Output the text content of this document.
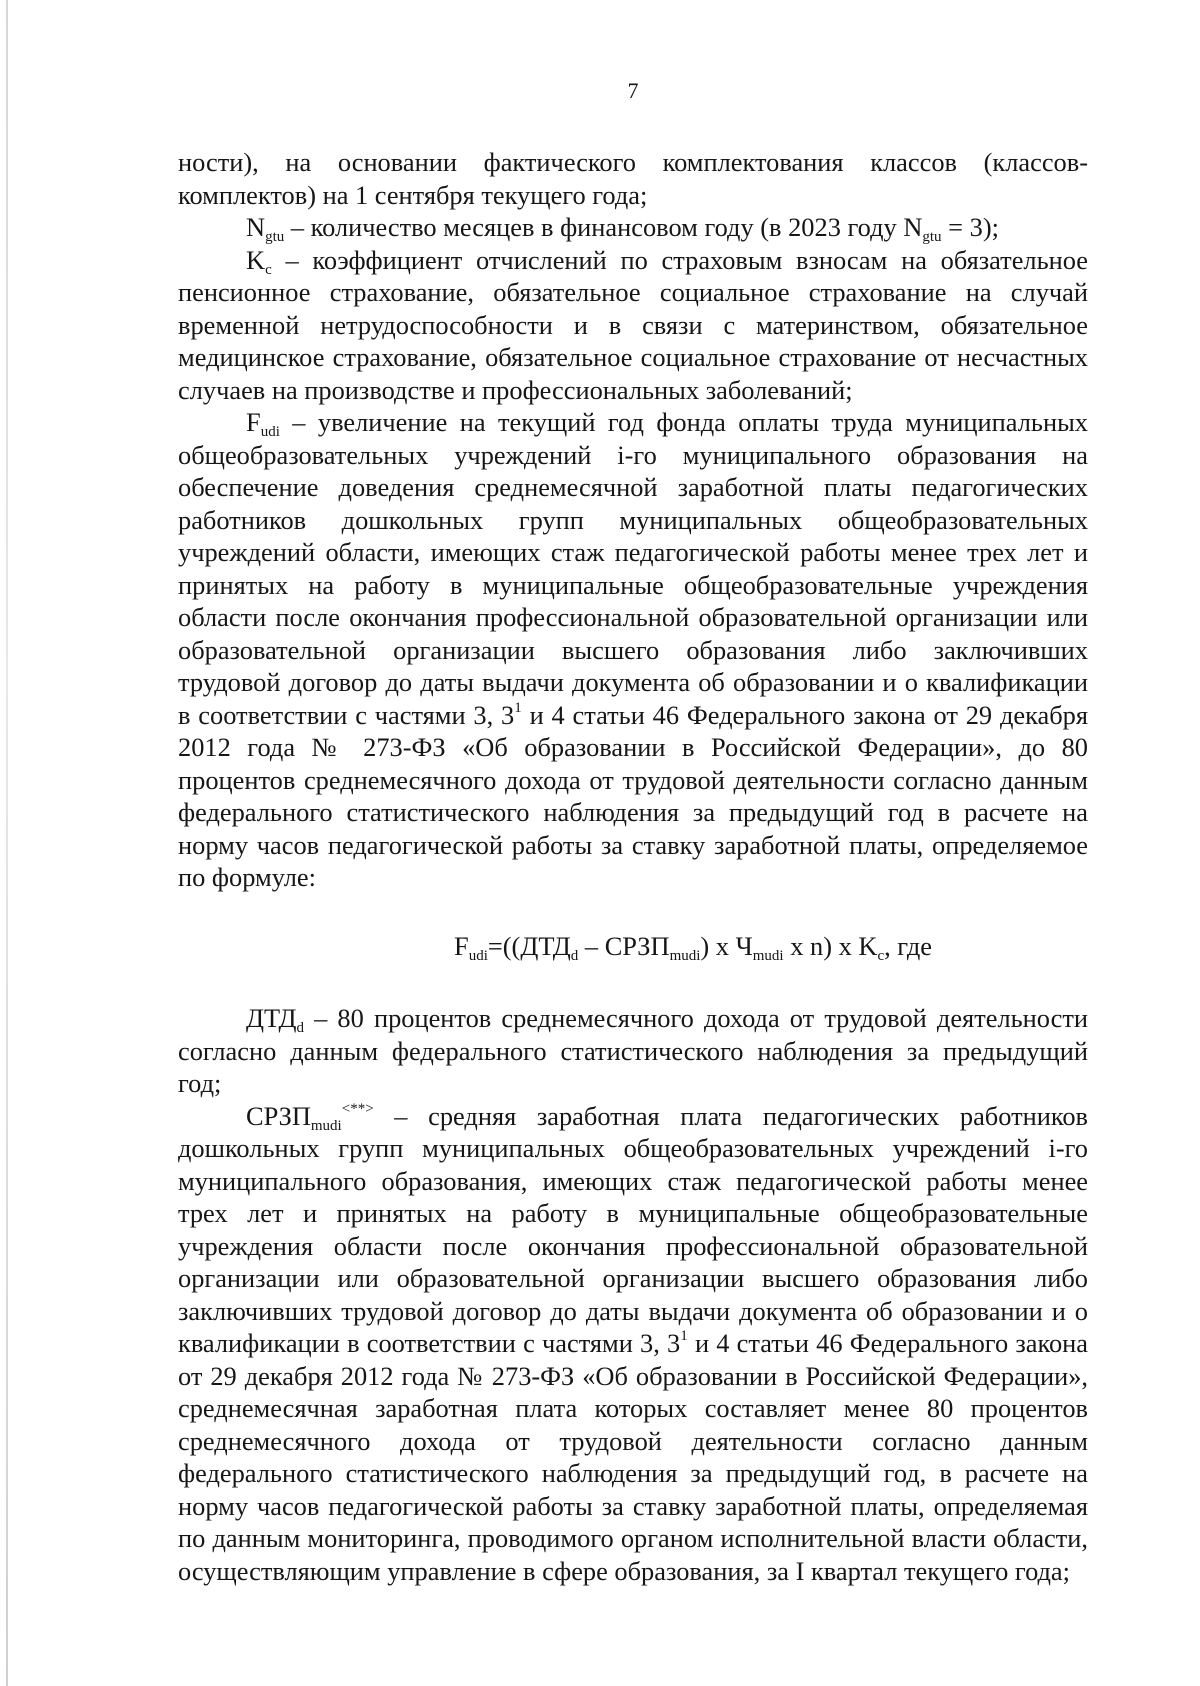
7

ности), на основании фактического комплектования классов (классов-комплектов) на 1 сентября текущего года;

$N_{gtu}$ – количество месяцев в финансовом году (в 2023 году $N_{gtu} = 3$);

$K_с$ – коэффициент отчислений по страховым взносам на обязательное пенсионное страхование, обязательное социальное страхование на случай временной нетрудоспособности и в связи с материнством, обязательное медицинское страхование, обязательное социальное страхование от несчастных случаев на производстве и профессиональных заболеваний;

$F_{udi}$ – увеличение на текущий год фонда оплаты труда муниципальных общеобразовательных учреждений i-го муниципального образования на обеспечение доведения среднемесячной заработной платы педагогических работников дошкольных групп муниципальных общеобразовательных учреждений области, имеющих стаж педагогической работы менее трех лет и принятых на работу в муниципальные общеобразовательные учреждения области после окончания профессиональной образовательной организации или образовательной организации высшего образования либо заключивших трудовой договор до даты выдачи документа об образовании и о квалификации в соответствии с частями 3, $3^1$ и 4 статьи 46 Федерального закона от 29 декабря 2012 года № 273-ФЗ «Об образовании в Российской Федерации», до 80 процентов среднемесячного дохода от трудовой деятельности согласно данным федерального статистического наблюдения за предыдущий год в расчете на норму часов педагогической работы за ставку заработной платы, определяемое по формуле:

$F_{udi}=((ДТД_d$ – $СРЗП_{mudi}$) х $Ч_{mudi}$ х n) х $K_с$, где

$ДТД_d - 80$ процентов среднемесячного дохода от трудовой деятельности согласно данным федерального статистического наблюдения за предыдущий год;

$СРЗП_{mudi}^{<**>}$ – средняя заработная плата педагогических работников дошкольных групп муниципальных общеобразовательных учреждений i-го муниципального образования, имеющих стаж педагогической работы менее трех лет и принятых на работу в муниципальные общеобразовательные учреждения области после окончания профессиональной образовательной организации или образовательной организации высшего образования либо заключивших трудовой договор до даты выдачи документа об образовании и о квалификации в соответствии с частями 3, $3^1$ и 4 статьи 46 Федерального закона от 29 декабря 2012 года № 273-ФЗ «Об образовании в Российской Федерации», среднемесячная заработная плата которых составляет менее 80 процентов среднемесячного дохода от трудовой деятельности согласно данным федерального статистического наблюдения за предыдущий год, в расчете на норму часов педагогической работы за ставку заработной платы, определяемая по данным мониторинга, проводимого органом исполнительной власти области, осуществляющим управление в сфере образования, за I квартал текущего года;
